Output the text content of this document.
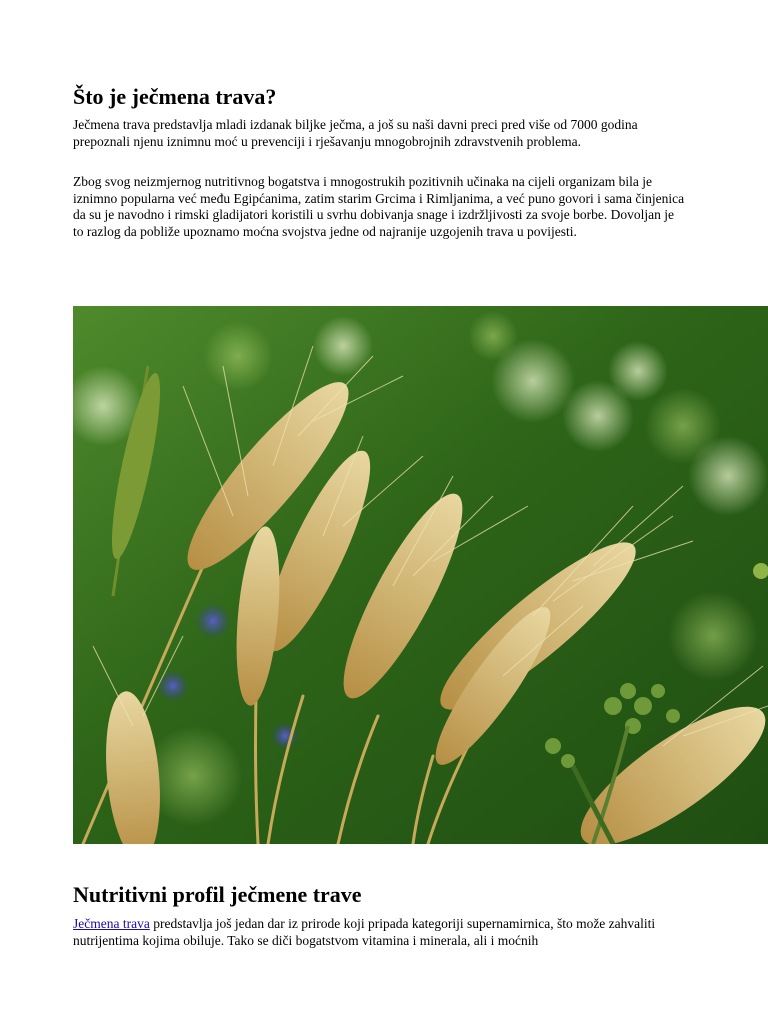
Što je ječmena trava?

Ječmena trava predstavlja mladi izdanak biljke ječma, a još su naši davni preci pred više od 7000 godina prepoznali njenu iznimnu moć u prevenciji i rješavanju mnogobrojnih zdravstvenih problema.

Zbog svog neizmjernog nutritivnog bogatstva i mnogostrukih pozitivnih učinaka na cijeli organizam bila je iznimno popularna već među Egipćanima, zatim starim Grcima i Rimljanima, a već puno govori i sama činjenica da su je navodno i rimski gladijatori koristili u svrhu dobivanja snage i izdržljivosti za svoje borbe. Dovoljan je to razlog da pobliže upoznamo moćna svojstva jedne od najranije uzgojenih trava u povijesti.

Nutritivni profil ječmene trave

Ječmena trava predstavlja još jedan dar iz prirode koji pripada kategoriji supernamirnica, što može zahvaliti nutrijentima kojima obiluje. Tako se diči bogatstvom vitamina i minerala, ali i moćnih
